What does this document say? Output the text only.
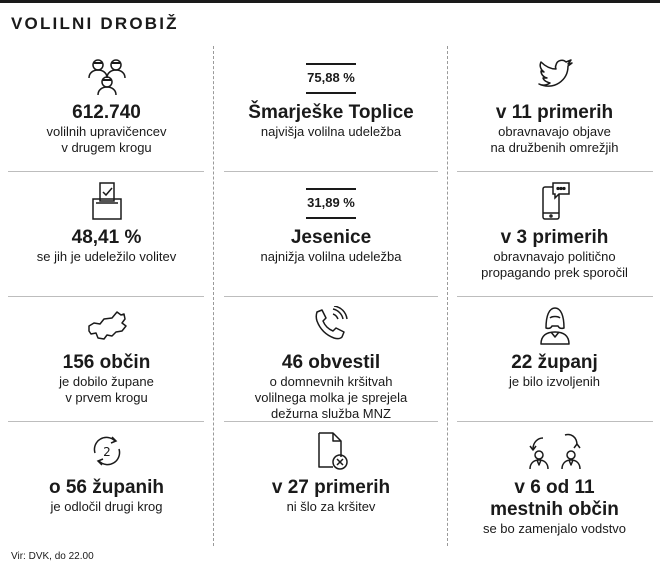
VOLILNI DROBIŽ
612.740
volilnih upravičencev
v drugem krogu
75,88 %
Šmarješke Toplice
najvišja volilna udeležba
v 11 primerih
obravnavajo objave
na družbenih omrežjih
48,41 %
se jih je udeležilo volitev
31,89 %
Jesenice
najnižja volilna udeležba
v 3 primerih
obravnavajo politično
propagando prek sporočil
156 občin
je dobilo župane
v prvem krogu
46 obvestil
o domnevnih kršitvah
volilnega molka je sprejela
dežurna služba MNZ
22 županj
je bilo izvoljenih
2
o 56 županih
je odločil drugi krog
v 27 primerih
ni šlo za kršitev
v 6 od 11
mestnih občin
se bo zamenjalo vodstvo
Vir: DVK, do 22.00
